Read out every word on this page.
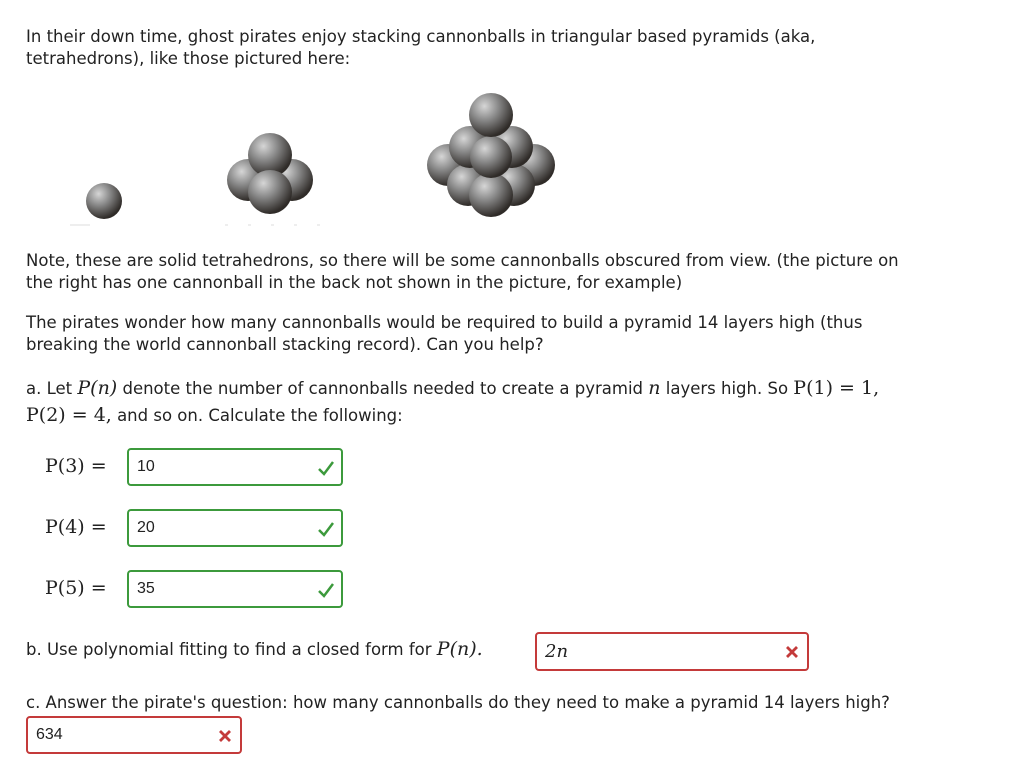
In their down time, ghost pirates enjoy stacking cannonballs in triangular based pyramids (aka,
tetrahedrons), like those pictured here:
Note, these are solid tetrahedrons, so there will be some cannonballs obscured from view. (the picture on
the right has one cannonball in the back not shown in the picture, for example)
The pirates wonder how many cannonballs would be required to build a pyramid 14 layers high (thus
breaking the world cannonball stacking record). Can you help?
a. Let P(n) denote the number of cannonballs needed to create a pyramid n layers high. So P(1) = 1,
P(2) = 4, and so on. Calculate the following:
P(3) = 10
P(4) = 20
P(5) = 35
b. Use polynomial fitting to find a closed form for P(n).	2n
c. Answer the pirate's question: how many cannonballs do they need to make a pyramid 14 layers high?
634
